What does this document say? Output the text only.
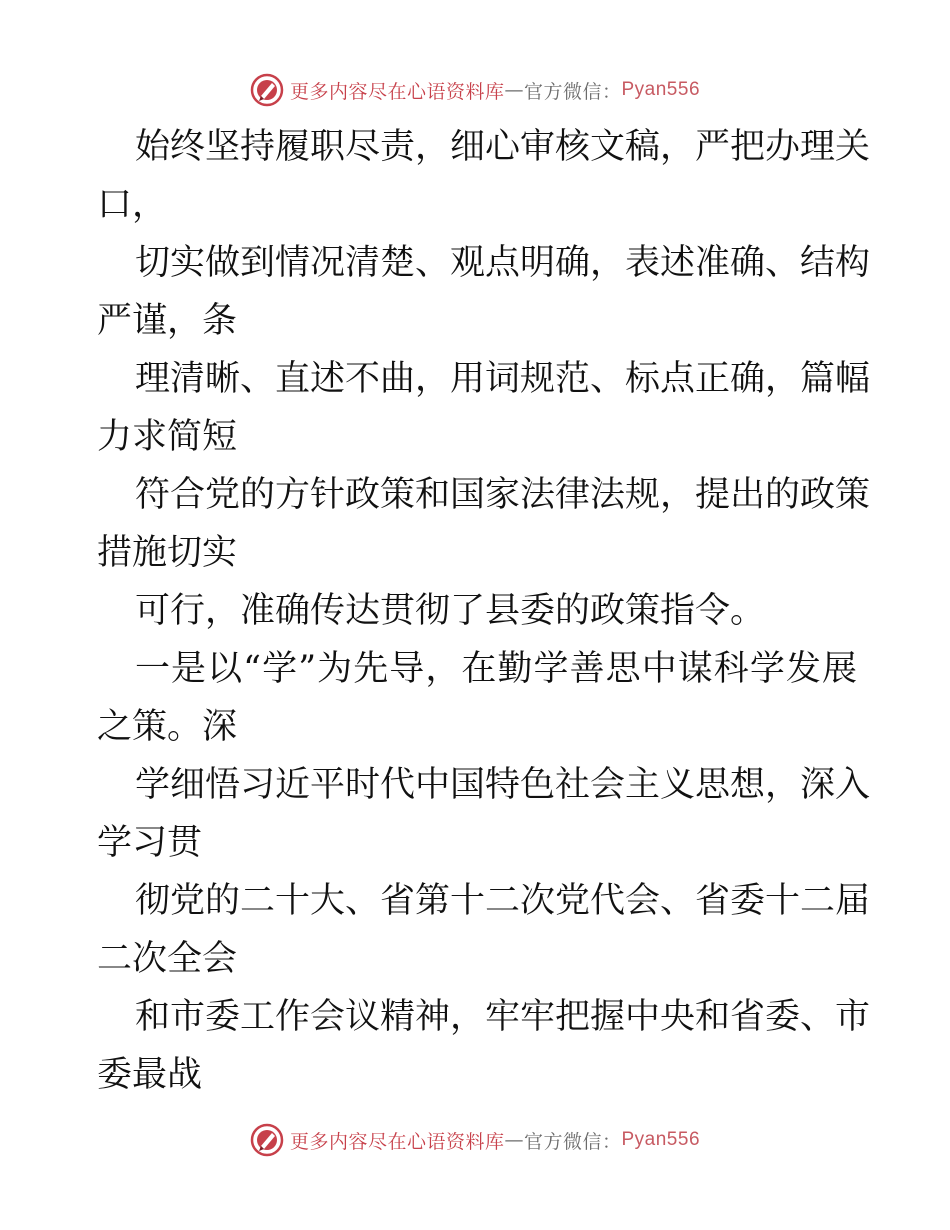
更多内容尽在心语资料库 — 官方微信： Pyan556
始终坚持履职尽责，细心审核文稿，严把办理关
口，
切实做到情况清楚、观点明确，表述准确、结构
严谨，条
理清晰、直述不曲，用词规范、标点正确，篇幅
力求简短
符合党的方针政策和国家法律法规，提出的政策
措施切实
可行，准确传达贯彻了县委的政策指令。
一是以“学”为先导，在勤学善思中谋科学发展
之策。深
学细悟习近平时代中国特色社会主义思想，深入
学习贯
彻党的二十大、省第十二次党代会、省委十二届
二次全会
和市委工作会议精神，牢牢把握中央和省委、市
委最战
更多内容尽在心语资料库 — 官方微信： Pyan556
